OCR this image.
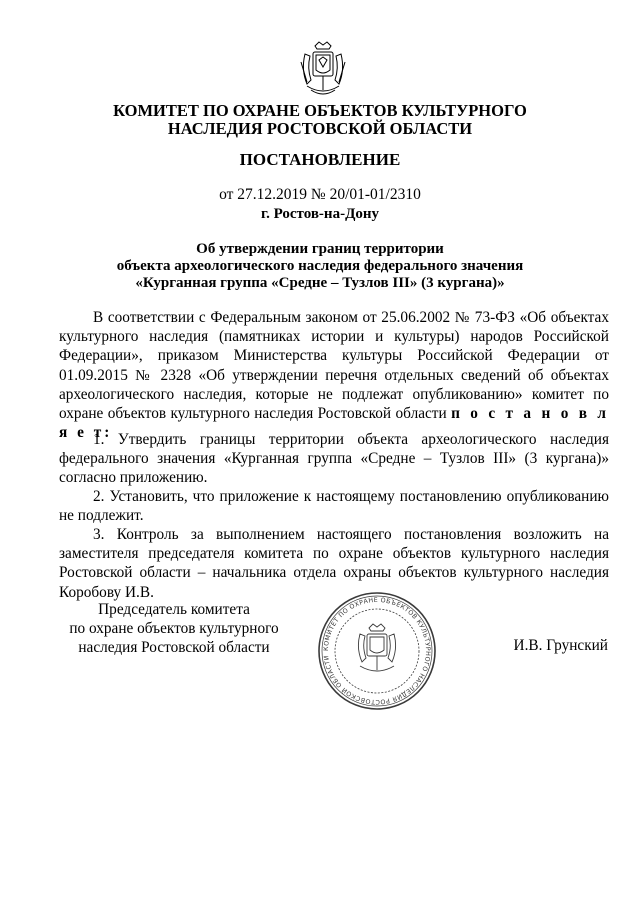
КОМИТЕТ ПО ОХРАНЕ ОБЪЕКТОВ КУЛЬТУРНОГО
НАСЛЕДИЯ РОСТОВСКОЙ ОБЛАСТИ
ПОСТАНОВЛЕНИЕ
от 27.12.2019 № 20/01-01/2310
г. Ростов-на-Дону
Об утверждении границ территории
объекта археологического наследия федерального значения
«Курганная группа «Средне – Тузлов III» (3 кургана)»
В соответствии с Федеральным законом от 25.06.2002 № 73-ФЗ «Об объектах культурного наследия (памятниках истории и культуры) народов Российской Федерации», приказом Министерства культуры Российской Федерации от 01.09.2015 № 2328 «Об утверждении перечня отдельных сведений об объектах археологического наследия, которые не подлежат опубликованию» комитет по охране объектов культурного наследия Ростовской области п о с т а н о в л я е т:
1. Утвердить границы территории объекта археологического наследия федерального значения «Курганная группа «Средне – Тузлов III» (3 кургана)» согласно приложению.
2. Установить, что приложение к настоящему постановлению опубликованию не подлежит.
3. Контроль за выполнением настоящего постановления возложить на заместителя председателя комитета по охране объектов культурного наследия Ростовской области – начальника отдела охраны объектов культурного наследия Коробову И.В.
Председатель комитета
по охране объектов культурного
наследия Ростовской области	КОМИТЕТ ПО ОХРАНЕ ОБЪЕКТОВ КУЛЬТУРНОГО НАСЛЕДИЯ РОСТОВСКОЙ ОБЛАСТИ
И.В. Грунский
